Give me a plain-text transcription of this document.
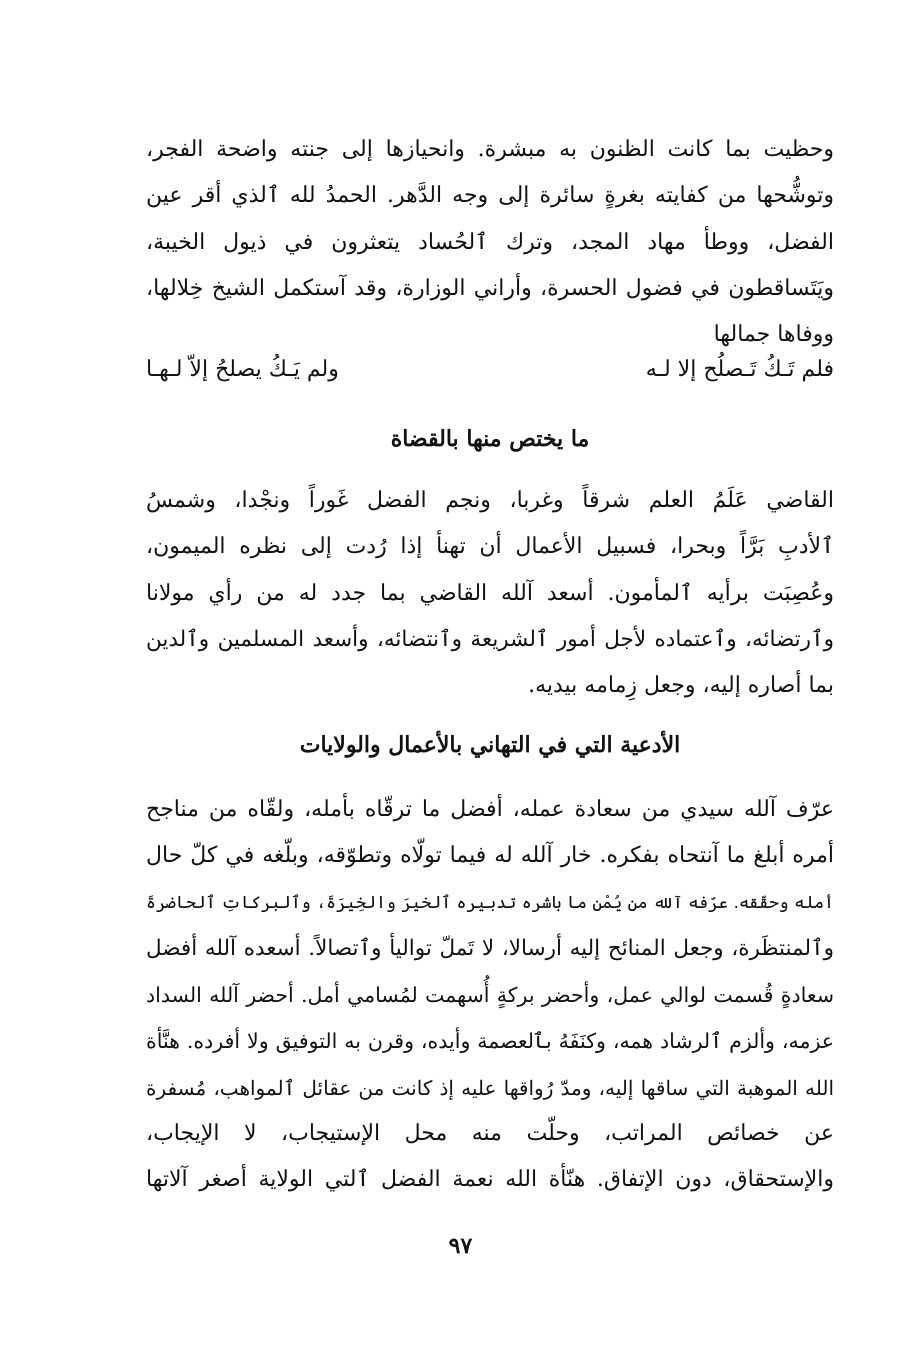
وحظيت بما كانت الظنون به مبشرة. وانحيازها إلى جنته واضحة الفجر،
وتوشُّحها من كفايته بغرةٍ سائرة إلى وجه الدَّهر. الحمدُ لله ٱلذي أقر عين
الفضل، ووطأ مهاد المجد، وترك ٱلحُساد يتعثرون في ذيول الخيبة،
ويَتَساقطون في فضول الحسرة، وأراني الوزارة، وقد آستكمل الشيخ خِلالها،
ووفاها جمالها
فلم تَـكُ تَـصلُح إلا لـه
ولم يَـكُ يصلحُ إلاّ لـهـا
ما يختص منها بالقضاة
القاضي عَلَمُ العلم شرقاً وغربا، ونجم الفضل غَوراً ونجْدا، وشمسُ
ٱلأدبِ بَرَّاً وبحرا، فسبيل الأعمال أن تهنأ إذا رُدت إلى نظره الميمون،
وعُصِبَت برأيه ٱلمأمون. أسعد آلله القاضي بما جدد له من رأي مولانا
وٱرتضائه، وٱعتماده لأجل أمور ٱلشريعة وٱنتضائه، وأسعد المسلمين وٱلدين
بما أصاره إليه، وجعل زِمامه بيديه.
الأدعية التي في التهاني بالأعمال والولايات
عرّف آلله سيدي من سعادة عمله، أفضل ما ترقّاه بأمله، ولقّاه من مناجح
أمره أبلغ ما آنتحاه بفكره. خار آلله له فيما تولّاه وتطوّقه، وبلّغه في كلّ حال
أمله وحقّقه. عرّفه آلله من يُمْن ما باشره تدبيره ٱلخيرَ والخِيرَةَ، وٱلبركاتِ ٱلحاضرةَ
وٱلمنتظَرة، وجعل المنائح إليه أرسالا، لا تَملّ تواليأ وٱتصالاً. أسعده آلله أفضل
سعادةٍ قُسمت لوالي عمل، وأحضر بركةٍ أُسهمت لمُسامي أمل. أحضر آلله السداد
عزمه، وألزم ٱلرشاد همه، وكنَفَهُ بٱلعصمة وأيده، وقرن به التوفيق ولا أفرده. هنَّأة
الله الموهبة التي ساقها إليه، ومدّ رُواقها عليه إذ كانت من عقائل ٱلمواهب، مُسفرة
عن خصائص المراتب، وحلّت منه محل الإستيجاب، لا الإيجاب،
والإستحقاق، دون الإتفاق. هنّأة الله نعمة الفضل ٱلتي الولاية أصغر آلاتها
٩٧
